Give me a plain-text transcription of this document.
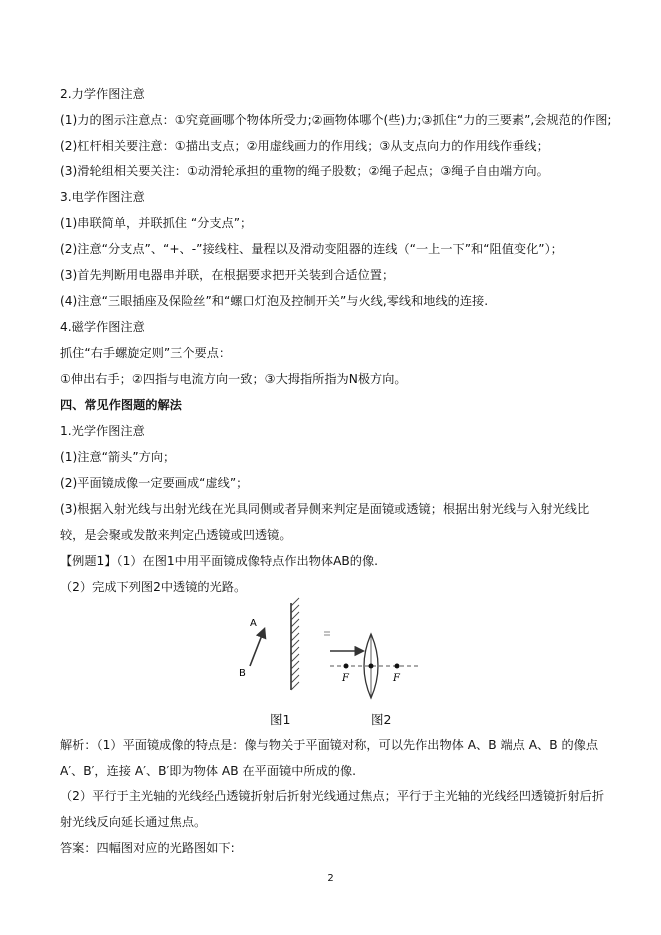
2.力学作图注意
(1)力的图示注意点：①究竟画哪个物体所受力;②画物体哪个(些)力;③抓住“力的三要素”,会规范的作图;
(2)杠杆相关要注意：①描出支点；②用虚线画力的作用线；③从支点向力的作用线作垂线；
(3)滑轮组相关要关注：①动滑轮承担的重物的绳子股数；②绳子起点；③绳子自由端方向。
3.电学作图注意
(1)串联简单，并联抓住 “分支点”；
(2)注意“分支点”、“+、-”接线柱、量程以及滑动变阻器的连线（“一上一下”和“阻值变化”）；
(3)首先判断用电器串并联，在根据要求把开关装到合适位置；
(4)注意“三眼插座及保险丝”和“螺口灯泡及控制开关”与火线,零线和地线的连接.
4.磁学作图注意
抓住“右手螺旋定则”三个要点：
①伸出右手；②四指与电流方向一致；③大拇指所指为N极方向。
四、常见作图题的解法
1.光学作图注意
(1)注意“箭头”方向；
(2)平面镜成像一定要画成“虚线”；
(3)根据入射光线与出射光线在光具同侧或者异侧来判定是面镜或透镜；根据出射光线与入射光线比较，是会聚或发散来判定凸透镜或凹透镜。
【例题1】（1）在图1中用平面镜成像特点作出物体AB的像.
（2）完成下列图2中透镜的光路。
A
B	F	F
图1	图2
解析：（1）平面镜成像的特点是：像与物关于平面镜对称，可以先作出物体 A、B 端点 A、B 的像点 A′、B′，连接 A′、B′即为物体 AB 在平面镜中所成的像.
（2）平行于主光轴的光线经凸透镜折射后折射光线通过焦点；平行于主光轴的光线经凹透镜折射后折射光线反向延长通过焦点。
答案：四幅图对应的光路图如下:
2
